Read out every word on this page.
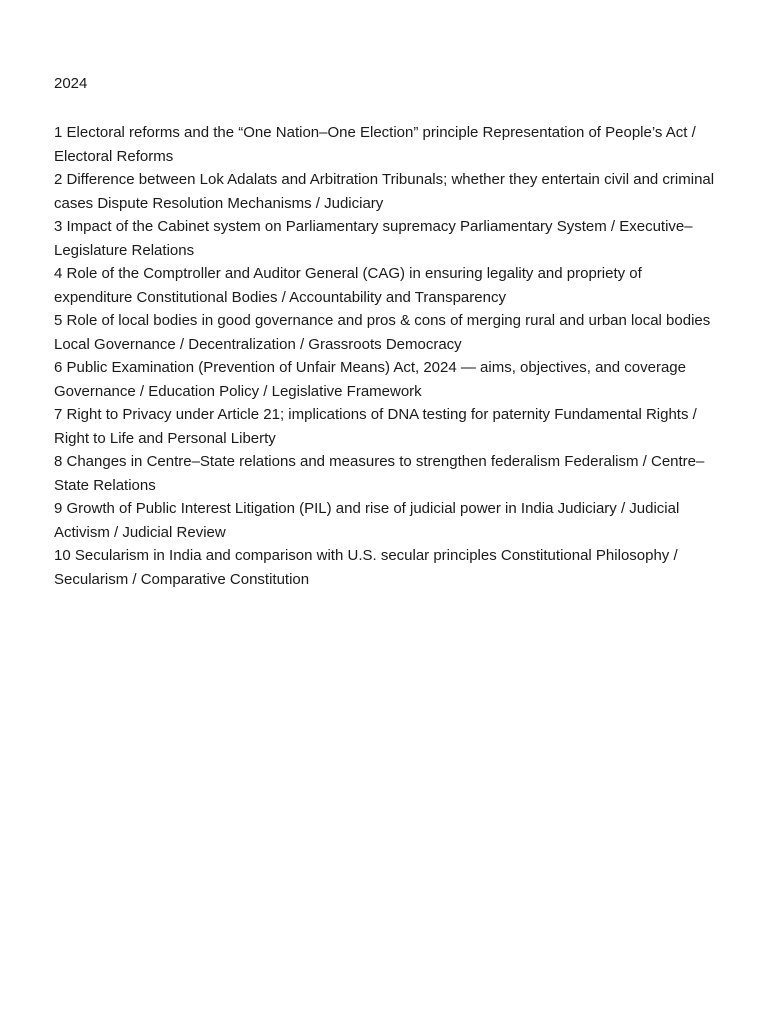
2024

1 Electoral reforms and the “One Nation–One Election” principle Representation of People’s Act / Electoral Reforms

2 Difference between Lok Adalats and Arbitration Tribunals; whether they entertain civil and criminal cases Dispute Resolution Mechanisms / Judiciary

3 Impact of the Cabinet system on Parliamentary supremacy Parliamentary System / Executive–Legislature Relations

4 Role of the Comptroller and Auditor General (CAG) in ensuring legality and propriety of expenditure Constitutional Bodies / Accountability and Transparency

5 Role of local bodies in good governance and pros & cons of merging rural and urban local bodies Local Governance / Decentralization / Grassroots Democracy

6 Public Examination (Prevention of Unfair Means) Act, 2024 — aims, objectives, and coverage Governance / Education Policy / Legislative Framework

7 Right to Privacy under Article 21; implications of DNA testing for paternity Fundamental Rights / Right to Life and Personal Liberty

8 Changes in Centre–State relations and measures to strengthen federalism Federalism / Centre–State Relations

9 Growth of Public Interest Litigation (PIL) and rise of judicial power in India Judiciary / Judicial Activism / Judicial Review

10 Secularism in India and comparison with U.S. secular principles Constitutional Philosophy / Secularism / Comparative Constitution
